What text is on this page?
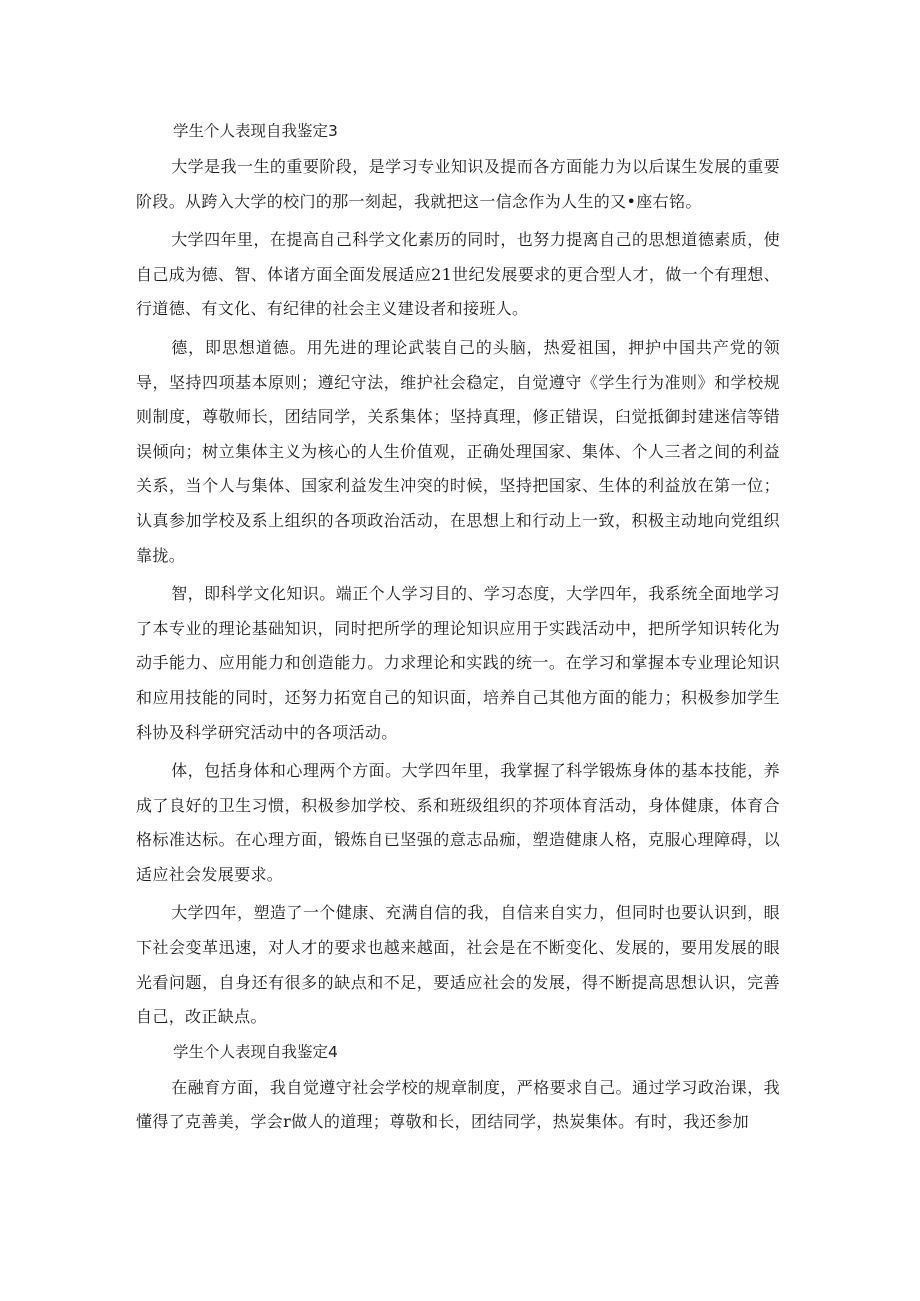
学生个人表现自我鉴定3

大学是我一生的重要阶段，是学习专业知识及提而各方面能力为以后谋生发展的重要阶段。从跨入大学的校门的那一刻起，我就把这一信念作为人生的又•座右铭。

大学四年里，在提高自己科学文化素历的同时，也努力提离自己的思想道德素质，使自己成为德、智、体诸方面全面发展适应21世纪发展要求的更合型人才，做一个有理想、行道德、有文化、有纪律的社会主义建设者和接班人。

德，即思想道德。用先进的理论武装自己的头脑，热爱祖国，押护中国共产党的领导，坚持四项基本原则；遵纪守法，维护社会稳定，自觉遵守《学生行为准则》和学校规则制度，尊敬师长，团结同学，关系集体；坚持真理，修正错误，臼觉抵御封建迷信等错误倾向；树立集体主义为核心的人生价值观，正确处理国家、集体、个人三者之间的利益关系，当个人与集体、国家利益发生冲突的时候，坚持把国家、生体的利益放在第一位；认真参加学校及系上组织的各项政治活动，在思想上和行动上一致，积极主动地向党组织靠拢。

智，即科学文化知识。端正个人学习目的、学习态度，大学四年，我系统全面地学习了本专业的理论基础知识，同时把所学的理论知识应用于实践活动中，把所学知识转化为动手能力、应用能力和创造能力。力求理论和实践的统一。在学习和掌握本专业理论知识和应用技能的同时，还努力拓宽自己的知识面，培养自己其他方面的能力；积极参加学生科协及科学研究活动中的各项活动。

体，包括身体和心理两个方面。大学四年里，我掌握了科学锻炼身体的基本技能，养成了良好的卫生习惯，积极参加学校、系和班级组织的芥项体育活动，身体健康，体育合格标准达标。在心理方面，锻炼自已坚强的意志品痂，塑造健康人格，克服心理障碍，以适应社会发展要求。

大学四年，塑造了一个健康、充满自信的我，自信来自实力，但同时也要认识到，眼下社会变革迅速，对人才的要求也越来越面，社会是在不断变化、发展的，要用发展的眼光看问题，自身还有很多的缺点和不足，要适应社会的发展，得不断提高思想认识，完善自己，改正缺点。

学生个人表现自我鉴定4

在融育方面，我自觉遵守社会学校的规章制度，严格要求自己。通过学习政治课，我懂得了克善美，学会r做人的道理；尊敬和长，团结同学，热炭集体。有时，我还参加
